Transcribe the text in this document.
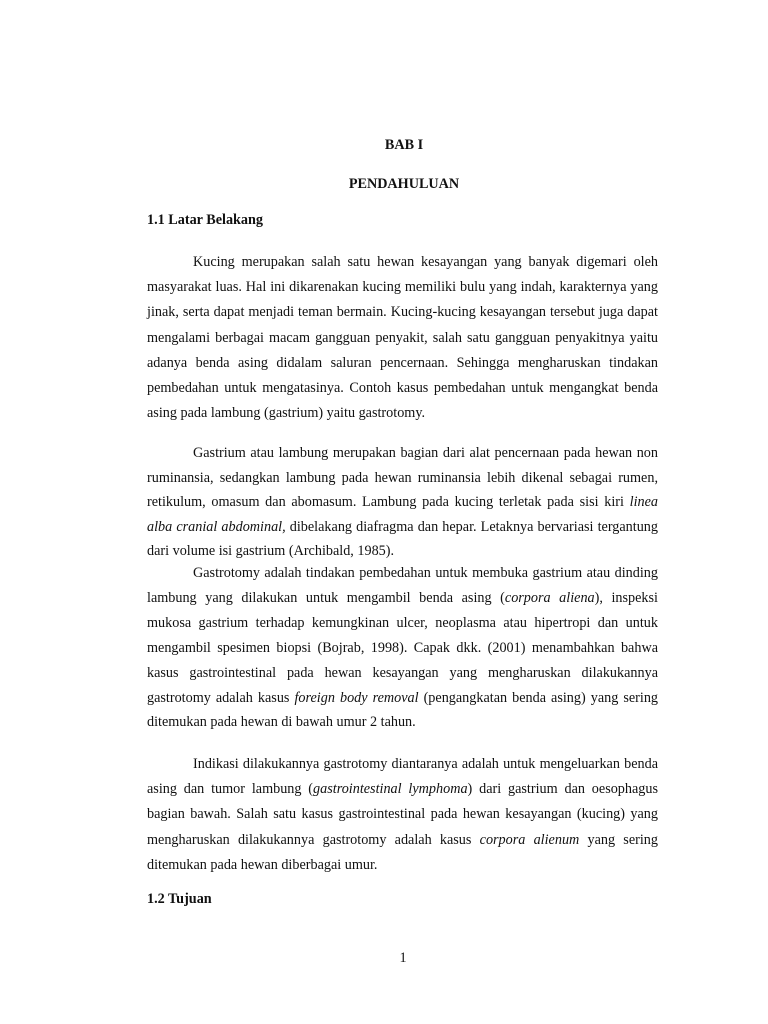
BAB I
PENDAHULUAN
1.1 Latar Belakang

Kucing merupakan salah satu hewan kesayangan yang banyak digemari oleh masyarakat luas. Hal ini dikarenakan kucing memiliki bulu yang indah, karakternya yang jinak, serta dapat menjadi teman bermain. Kucing-kucing kesayangan tersebut juga dapat mengalami berbagai macam gangguan penyakit, salah satu gangguan penyakitnya yaitu adanya benda asing didalam saluran pencernaan. Sehingga mengharuskan tindakan pembedahan untuk mengatasinya. Contoh kasus pembedahan untuk mengangkat benda asing pada lambung (gastrium) yaitu gastrotomy.

Gastrium atau lambung merupakan bagian dari alat pencernaan pada hewan non ruminansia, sedangkan lambung pada hewan ruminansia lebih dikenal sebagai rumen, retikulum, omasum dan abomasum. Lambung pada kucing terletak pada sisi kiri linea alba cranial abdominal, dibelakang diafragma dan hepar. Letaknya bervariasi tergantung dari volume isi gastrium (Archibald, 1985).

Gastrotomy adalah tindakan pembedahan untuk membuka gastrium atau dinding lambung yang dilakukan untuk mengambil benda asing (corpora aliena), inspeksi mukosa gastrium terhadap kemungkinan ulcer, neoplasma atau hipertropi dan untuk mengambil spesimen biopsi (Bojrab, 1998). Capak dkk. (2001) menambahkan bahwa kasus gastrointestinal pada hewan kesayangan yang mengharuskan dilakukannya gastrotomy adalah kasus foreign body removal (pengangkatan benda asing) yang sering ditemukan pada hewan di bawah umur 2 tahun.

Indikasi dilakukannya gastrotomy diantaranya adalah untuk mengeluarkan benda asing dan tumor lambung (gastrointestinal lymphoma) dari gastrium dan oesophagus bagian bawah. Salah satu kasus gastrointestinal pada hewan kesayangan (kucing) yang mengharuskan dilakukannya gastrotomy adalah kasus corpora alienum yang sering ditemukan pada hewan diberbagai umur.

1.2 Tujuan
1
